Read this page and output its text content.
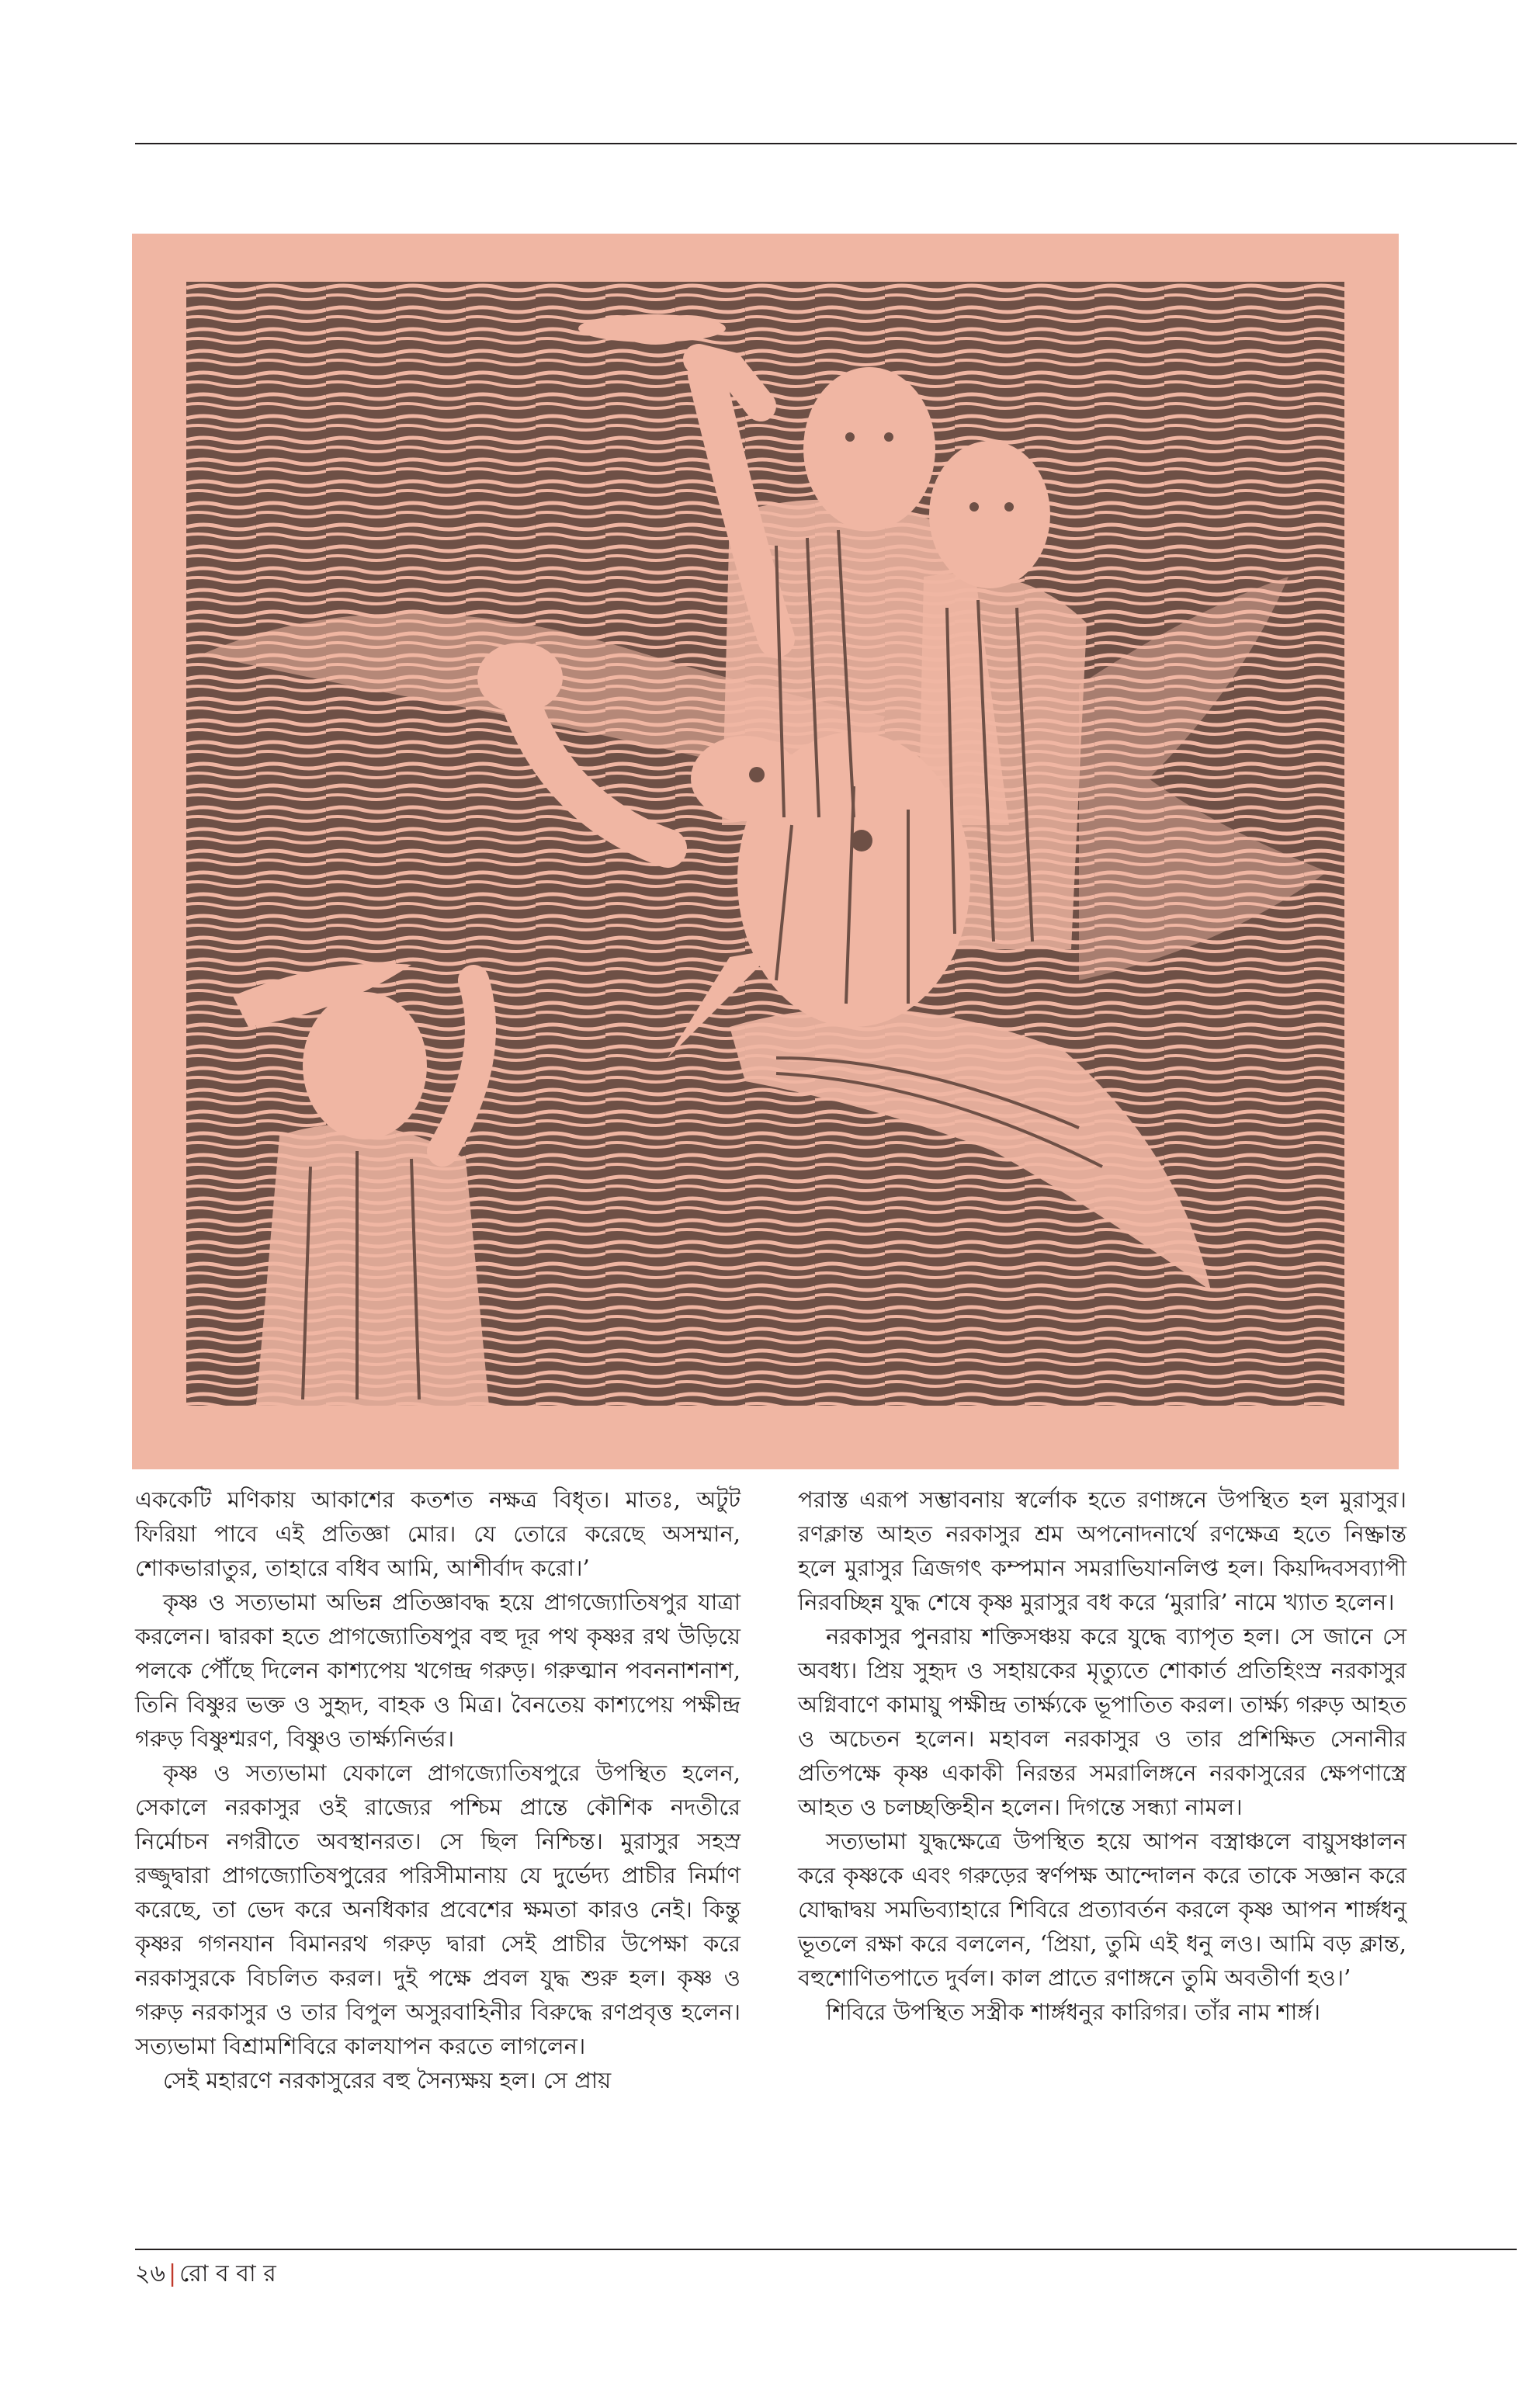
এককেটি মণিকায় আকাশের কতশত নক্ষত্র বিধৃত। মাতঃ, অটুট ফিরিয়া পাবে এই প্রতিজ্ঞা মোর। যে তোরে করেছে অসম্মান, শোকভারাতুর, তাহারে বধিব আমি, আশীর্বাদ করো।’

কৃষ্ণ ও সত্যভামা অভিন্ন প্রতিজ্ঞাবদ্ধ হয়ে প্রাগজ্যোতিষপুর যাত্রা করলেন। দ্বারকা হতে প্রাগজ্যোতিষপুর বহু দূর পথ কৃষ্ণর রথ উড়িয়ে পলকে পৌঁছে দিলেন কাশ্যপেয় খগেন্দ্র গরুড়। গরুত্মান পবননাশনাশ, তিনি বিষ্ণুর ভক্ত ও সুহৃদ, বাহক ও মিত্র। বৈনতেয় কাশ্যপেয় পক্ষীন্দ্র গরুড় বিষ্ণুশ্মরণ, বিষ্ণুও তার্ক্ষ্যনির্ভর।

কৃষ্ণ ও সত্যভামা যেকালে প্রাগজ্যোতিষপুরে উপস্থিত হলেন, সেকালে নরকাসুর ওই রাজ্যের পশ্চিম প্রান্তে কৌশিক নদতীরে নির্মোচন নগরীতে অবস্থানরত। সে ছিল নিশ্চিন্ত। মুরাসুর সহস্র রজ্জুদ্বারা প্রাগজ্যোতিষপুরের পরিসীমানায় যে দুর্ভেদ্য প্রাচীর নির্মাণ করেছে, তা ভেদ করে অনধিকার প্রবেশের ক্ষমতা কারও নেই। কিন্তু কৃষ্ণর গগনযান বিমানরথ গরুড় দ্বারা সেই প্রাচীর উপেক্ষা করে নরকাসুরকে বিচলিত করল। দুই পক্ষে প্রবল যুদ্ধ শুরু হল। কৃষ্ণ ও গরুড় নরকাসুর ও তার বিপুল অসুরবাহিনীর বিরুদ্ধে রণপ্রবৃত্ত হলেন। সত্যভামা বিশ্রামশিবিরে কালযাপন করতে লাগলেন।

সেই মহারণে নরকাসুরের বহু সৈন্যক্ষয় হল। সে প্রায়

পরাস্ত এরূপ সম্ভাবনায় স্বর্লোক হতে রণাঙ্গনে উপস্থিত হল মুরাসুর। রণক্লান্ত আহত নরকাসুর শ্রম অপনোদনার্থে রণক্ষেত্র হতে নিষ্ক্রান্ত হলে মুরাসুর ত্রিজগৎ কম্পমান সমরাভিযানলিপ্ত হল। কিয়দ্দিবসব্যাপী নিরবচ্ছিন্ন যুদ্ধ শেষে কৃষ্ণ মুরাসুর বধ করে ‘মুরারি’ নামে খ্যাত হলেন।

নরকাসুর পুনরায় শক্তিসঞ্চয় করে যুদ্ধে ব্যাপৃত হল। সে জানে সে অবধ্য। প্রিয় সুহৃদ ও সহায়কের মৃত্যুতে শোকার্ত প্রতিহিংস্র নরকাসুর অগ্নিবাণে কামায়ু পক্ষীন্দ্র তার্ক্ষ্যকে ভূপাতিত করল। তার্ক্ষ্য গরুড় আহত ও অচেতন হলেন। মহাবল নরকাসুর ও তার প্রশিক্ষিত সেনানীর প্রতিপক্ষে কৃষ্ণ একাকী নিরন্তর সমরালিঙ্গনে নরকাসুরের ক্ষেপণাস্ত্রে আহত ও চলচ্ছক্তিহীন হলেন। দিগন্তে সন্ধ্যা নামল।

সত্যভামা যুদ্ধক্ষেত্রে উপস্থিত হয়ে আপন বস্ত্রাঞ্চলে বায়ুসঞ্চালন করে কৃষ্ণকে এবং গরুড়ের স্বর্ণপক্ষ আন্দোলন করে তাকে সজ্ঞান করে যোদ্ধাদ্বয় সমভিব্যাহারে শিবিরে প্রত্যাবর্তন করলে কৃষ্ণ আপন শার্ঙ্গধনু ভূতলে রক্ষা করে বললেন, ‘প্রিয়া, তুমি এই ধনু লও। আমি বড় ক্লান্ত, বহুশোণিতপাতে দুর্বল। কাল প্রাতে রণাঙ্গনে তুমি অবতীর্ণা হও।’

শিবিরে উপস্থিত সস্ত্রীক শার্ঙ্গধনুর কারিগর। তাঁর নাম শার্ঙ্গ।

২৬ | রো ব বা র
